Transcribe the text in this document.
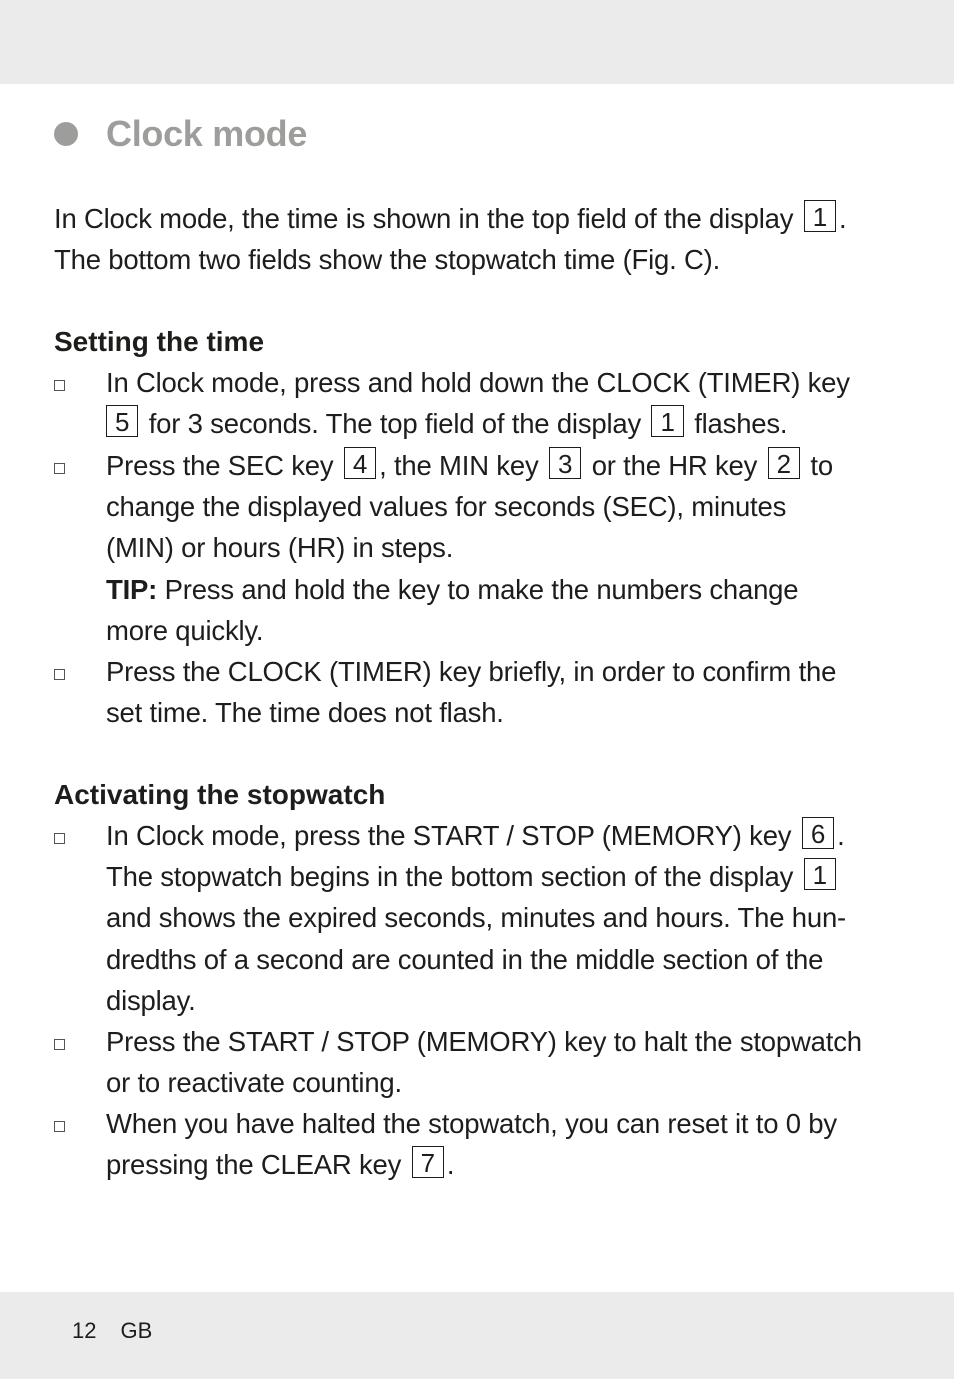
Clock mode
In Clock mode, the time is shown in the top field of the display 1 .
The bottom two fields show the stopwatch time (Fig. C).
Setting the time
In Clock mode, press and hold down the CLOCK (TIMER) key
5 for 3 seconds. The top field of the display 1 flashes.
Press the SEC key 4 , the MIN key 3 or the HR key 2 to
change the displayed values for seconds (SEC), minutes
(MIN) or hours (HR) in steps.
TIP: Press and hold the key to make the numbers change
more quickly.
Press the CLOCK (TIMER) key briefly, in order to confirm the
set time. The time does not flash.
Activating the stopwatch
In Clock mode, press the START / STOP (MEMORY) key 6 .
The stopwatch begins in the bottom section of the display 1
and shows the expired seconds, minutes and hours. The hun-
dredths of a second are counted in the middle section of the
display.
Press the START / STOP (MEMORY) key to halt the stopwatch
or to reactivate counting.
When you have halted the stopwatch, you can reset it to 0 by
pressing the CLEAR key 7 .
12 GB
